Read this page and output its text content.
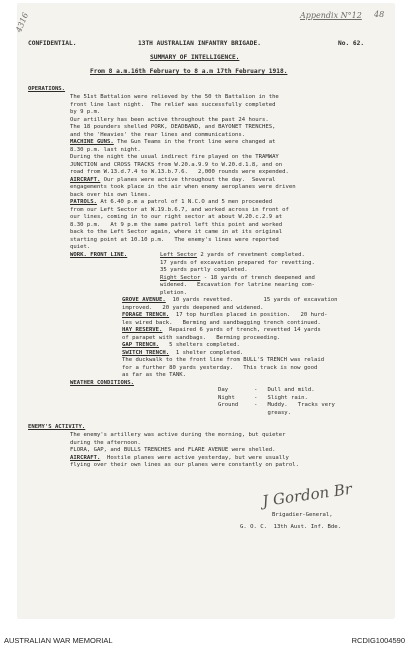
4316	Appendix N°12 48
CONFIDENTIAL.	13TH AUSTRALIAN INFANTRY BRIGADE.	No. 62.
SUMMARY OF INTELLIGENCE.
From 8 a.m.16th February to 8 a.m 17th February 1918.
OPERATIONS.
The 51st Battalion were relieved by the 50 th Battalion in the
front line last night.  The relief was successfully completed
by 9 p.m.
Our artillery has been active throughout the past 24 hours.
The 18 pounders shelled PORK, DEADBAND, and BAYONET TRENCHES,
and the 'Heavies' the rear lines and communications.
MACHINE GUNS. The Gun Teams in the front line were changed at
8.30 p.m. last night.
During the night the usual indirect fire played on the TRAMWAY
JUNCTION and CROSS TRACKS from W.20.a.9.9 to W.20.d.1.8, and on
road from W.13.d.7.4 to W.13.b.7.6.   2,000 rounds were expended.
AIRCRAFT. Our planes were active throughout the day.  Several
engagements took place in the air when enemy aeroplanes were driven
back over his own lines.
PATROLS. At 6.40 p.m a patrol of 1 N.C.O and 5 men proceeded
from our Left Sector at W.19.b.6.7, and worked across in front of
our lines, coming in to our right sector at about W.20.c.2.9 at
8.30 p.m.   At 9 p.m the same patrol left this point and worked
back to the Left Sector again, where it came in at its original
starting point at 10.10 p.m.   The enemy's lines were reported
quiet.
WORK. FRONT LINE.	Left Sector 2 yards of revetment completed.
17 yards of excavation prepared for revetting.
35 yards partly completed.
Right Sector - 18 yards of trench deepened and
widened.   Excavation for latrine nearing com-
pletion.
GROVE AVENUE.  10 yards revetted.         15 yards of excavation
improved.   20 yards deepened and widened.
FORAGE TRENCH.  17 top hurdles placed in position.   20 hurd-
les wired back.   Berming and sandbagging trench continued.
HAY RESERVE.  Repaired 6 yards of trench, revetted 14 yards
of parapet with sandbags.   Berming proceeding.
GAP TRENCH.   5 shelters completed.
SWITCH TRENCH.  1 shelter completed.
The duckwalk to the front line from BULL'S TRENCH was relaid
for a further 80 yards yesterday.   This track is now good
as far as the TANK.
WEATHER CONDITIONS.
Day	-   Dull and mild.
Night	-   Slight rain.
Ground	-   Muddy.   Tracks very
greasy.
ENEMY'S ACTIVITY.
The enemy's artillery was active during the morning, but quieter
during the afternoon.
FLORA, GAP, and BULLS TRENCHES and FLARE AVENUE were shelled.
AIRCRAFT.  Hostile planes were active yesterday, but were usually
flying over their own lines as our planes were constantly on patrol.
J Gordon Br
Brigadier-General,
G. O. C.  13th Aust. Inf. Bde.
AUSTRALIAN WAR MEMORIAL	RCDIG1004590
